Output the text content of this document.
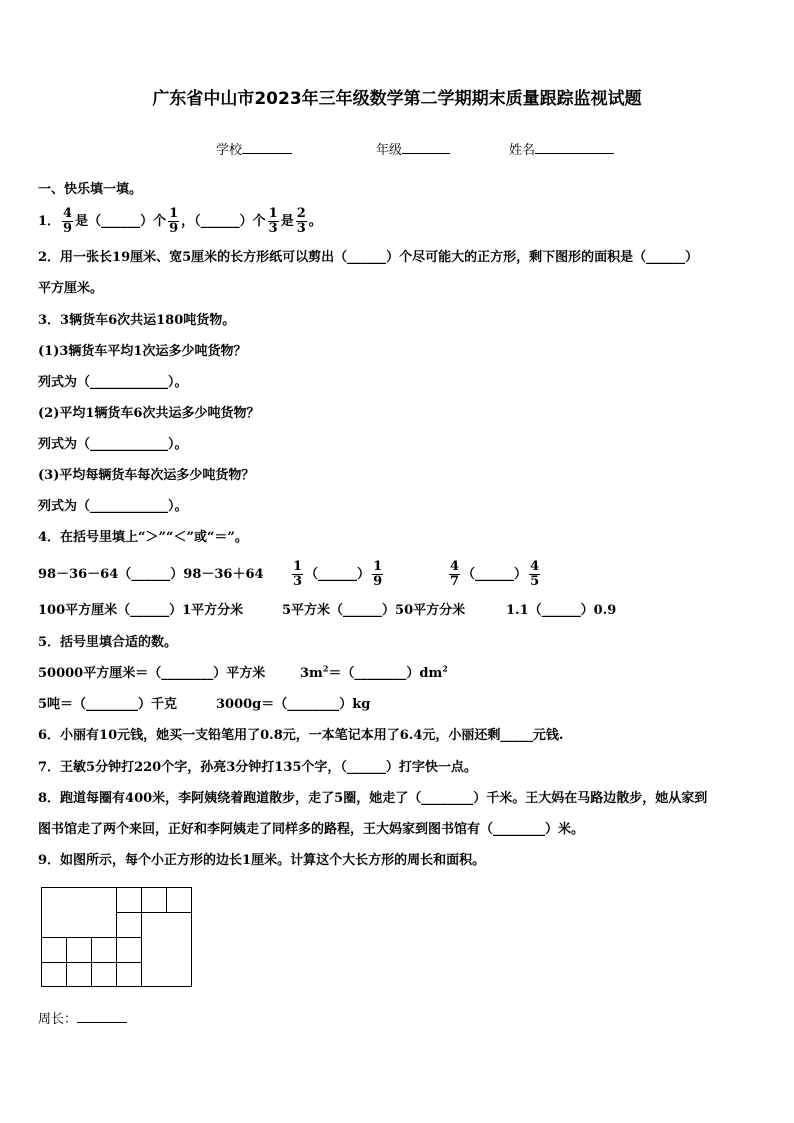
广东省中山市2023年三年级数学第二学期期末质量跟踪监视试题
学校	年级	姓名
一、快乐填一填。
1． $\frac{4}{9}$ 是（______）个 $\frac{1}{9}$ ，（______）个 $\frac{1}{3}$ 是 $\frac{2}{3}$ 。
2．用一张长19厘米、宽5厘米的长方形纸可以剪出（______）个尽可能大的正方形，剩下图形的面积是（______）
平方厘米。
3．3辆货车6次共运180吨货物。
(1)3辆货车平均1次运多少吨货物？
列式为（____________）。
(2)平均1辆货车6次共运多少吨货物？
列式为（____________）。
(3)平均每辆货车每次运多少吨货物？
列式为（____________）。
4．在括号里填上“＞”“＜”或“＝”。
98－36－64（______）98－36＋64 $\frac{1}{3}$ （______） $\frac{1}{9}$	$\frac{4}{7}$ （______） $\frac{4}{5}$
100平方厘米（______）1平方分米	5平方米（______）50平方分米	1.1（______）0.9
5．括号里填合适的数。
50000平方厘米＝（________）平方米	$3m^2=(\_\_\_\_\_\_\_\_)dm^2$
5吨＝（________）千克	3000g＝（________）kg
6．小丽有10元钱，她买一支铅笔用了0.8元，一本笔记本用了6.4元，小丽还剩_____元钱.
7．王敏5分钟打220个字，孙亮3分钟打135个字，（______）打字快一点。
8．跑道每圈有400米，李阿姨绕着跑道散步，走了5圈，她走了（________）千米。王大妈在马路边散步，她从家到
图书馆走了两个来回，正好和李阿姨走了同样多的路程，王大妈家到图书馆有（________）米。
9．如图所示，每个小正方形的边长1厘米。计算这个大长方形的周长和面积。
周长：
